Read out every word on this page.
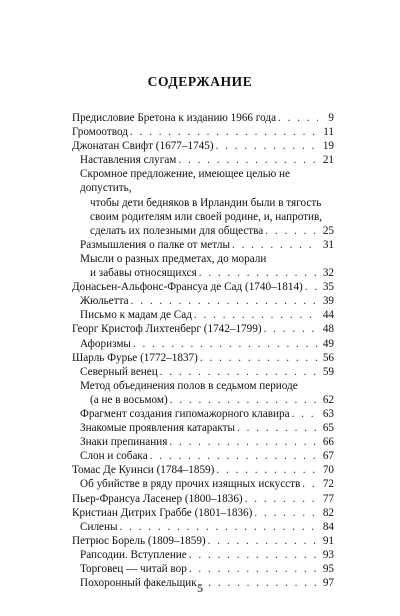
СОДЕРЖАНИЕ
Предисловие Бретона к изданию 1966 года . . .	9
Громоотвод . . .	11
Джонатан Свифт (1677–1745) . . .	19
Наставления слугам . . .	21
Скромное предложение, имеющее целью не допустить,
чтобы дети бедняков в Ирландии были в тягость
своим родителям или своей родине, и, напротив,
сделать их полезными для общества . . .	25
Размышления о палке от метлы . . .	31
Мысли о разных предметах, до морали
и забавы относящихся . . .	32
Донасьен-Альфонс-Франсуа де Сад (1740–1814) . . .	35
Жюльетта . . .	39
Письмо к мадам де Сад . . .	44
Георг Кристоф Лихтенберг (1742–1799) . . .	48
Афоризмы . . .	49
Шарль Фурье (1772–1837) . . .	56
Северный венец . . .	59
Метод объединения полов в седьмом периоде
(а не в восьмом) . . .	62
Фрагмент создания гипомажорного клавира . . .	63
Знакомые проявления катаракты . . .	65
Знаки препинания . . .	66
Слон и собака . . .	67
Томас Де Куинси (1784–1859) . . .	70
Об убийстве в ряду прочих изящных искусств . . .	72
Пьер-Франсуа Ласенер (1800–1836) . . .	77
Кристиан Дитрих Граббе (1801–1836) . . .	82
Силены . . .	84
Петрюс Борель (1809–1859) . . .	91
Рапсодии. Вступление . . .	93
Торговец — читай вор . . .	95
Похоронный факельщик . . .	97
5
